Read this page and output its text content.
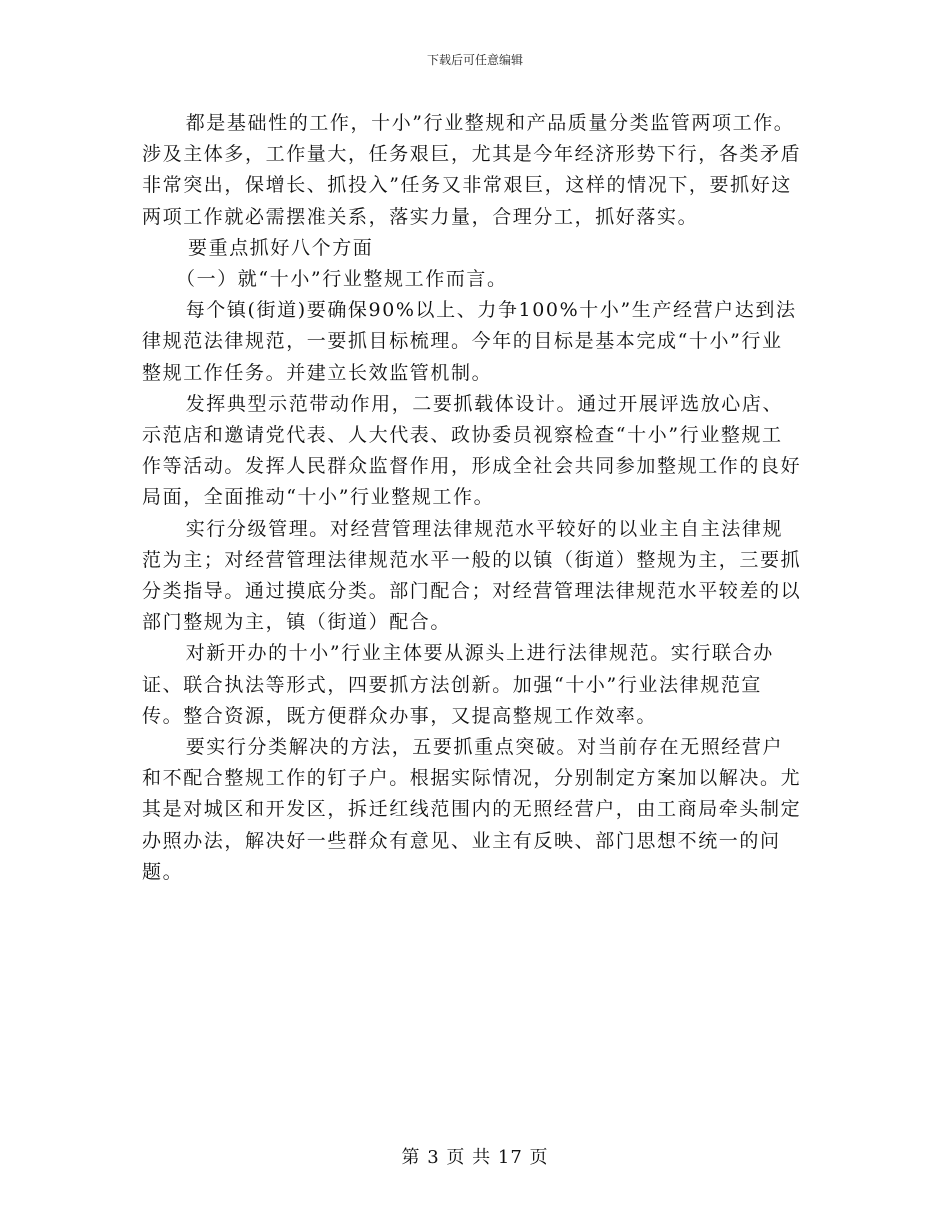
下载后可任意编辑

都是基础性的工作，十小”行业整规和产品质量分类监管两项工作。涉及主体多，工作量大，任务艰巨，尤其是今年经济形势下行，各类矛盾非常突出，保增长、抓投入”任务又非常艰巨，这样的情况下，要抓好这两项工作就必需摆准关系，落实力量，合理分工，抓好落实。

要重点抓好八个方面

（一）就“十小”行业整规工作而言。

每个镇(街道)要确保90%以上、力争100%十小”生产经营户达到法律规范法律规范，一要抓目标梳理。今年的目标是基本完成“十小”行业整规工作任务。并建立长效监管机制。

发挥典型示范带动作用，二要抓载体设计。通过开展评选放心店、示范店和邀请党代表、人大代表、政协委员视察检查“十小”行业整规工作等活动。发挥人民群众监督作用，形成全社会共同参加整规工作的良好局面，全面推动“十小”行业整规工作。

实行分级管理。对经营管理法律规范水平较好的以业主自主法律规范为主；对经营管理法律规范水平一般的以镇（街道）整规为主，三要抓分类指导。通过摸底分类。部门配合；对经营管理法律规范水平较差的以部门整规为主，镇（街道）配合。

对新开办的十小”行业主体要从源头上进行法律规范。实行联合办证、联合执法等形式，四要抓方法创新。加强“十小”行业法律规范宣传。整合资源，既方便群众办事，又提高整规工作效率。

要实行分类解决的方法，五要抓重点突破。对当前存在无照经营户和不配合整规工作的钉子户。根据实际情况，分别制定方案加以解决。尤其是对城区和开发区，拆迁红线范围内的无照经营户，由工商局牵头制定办照办法，解决好一些群众有意见、业主有反映、部门思想不统一的问题。

第 3 页 共 17 页
